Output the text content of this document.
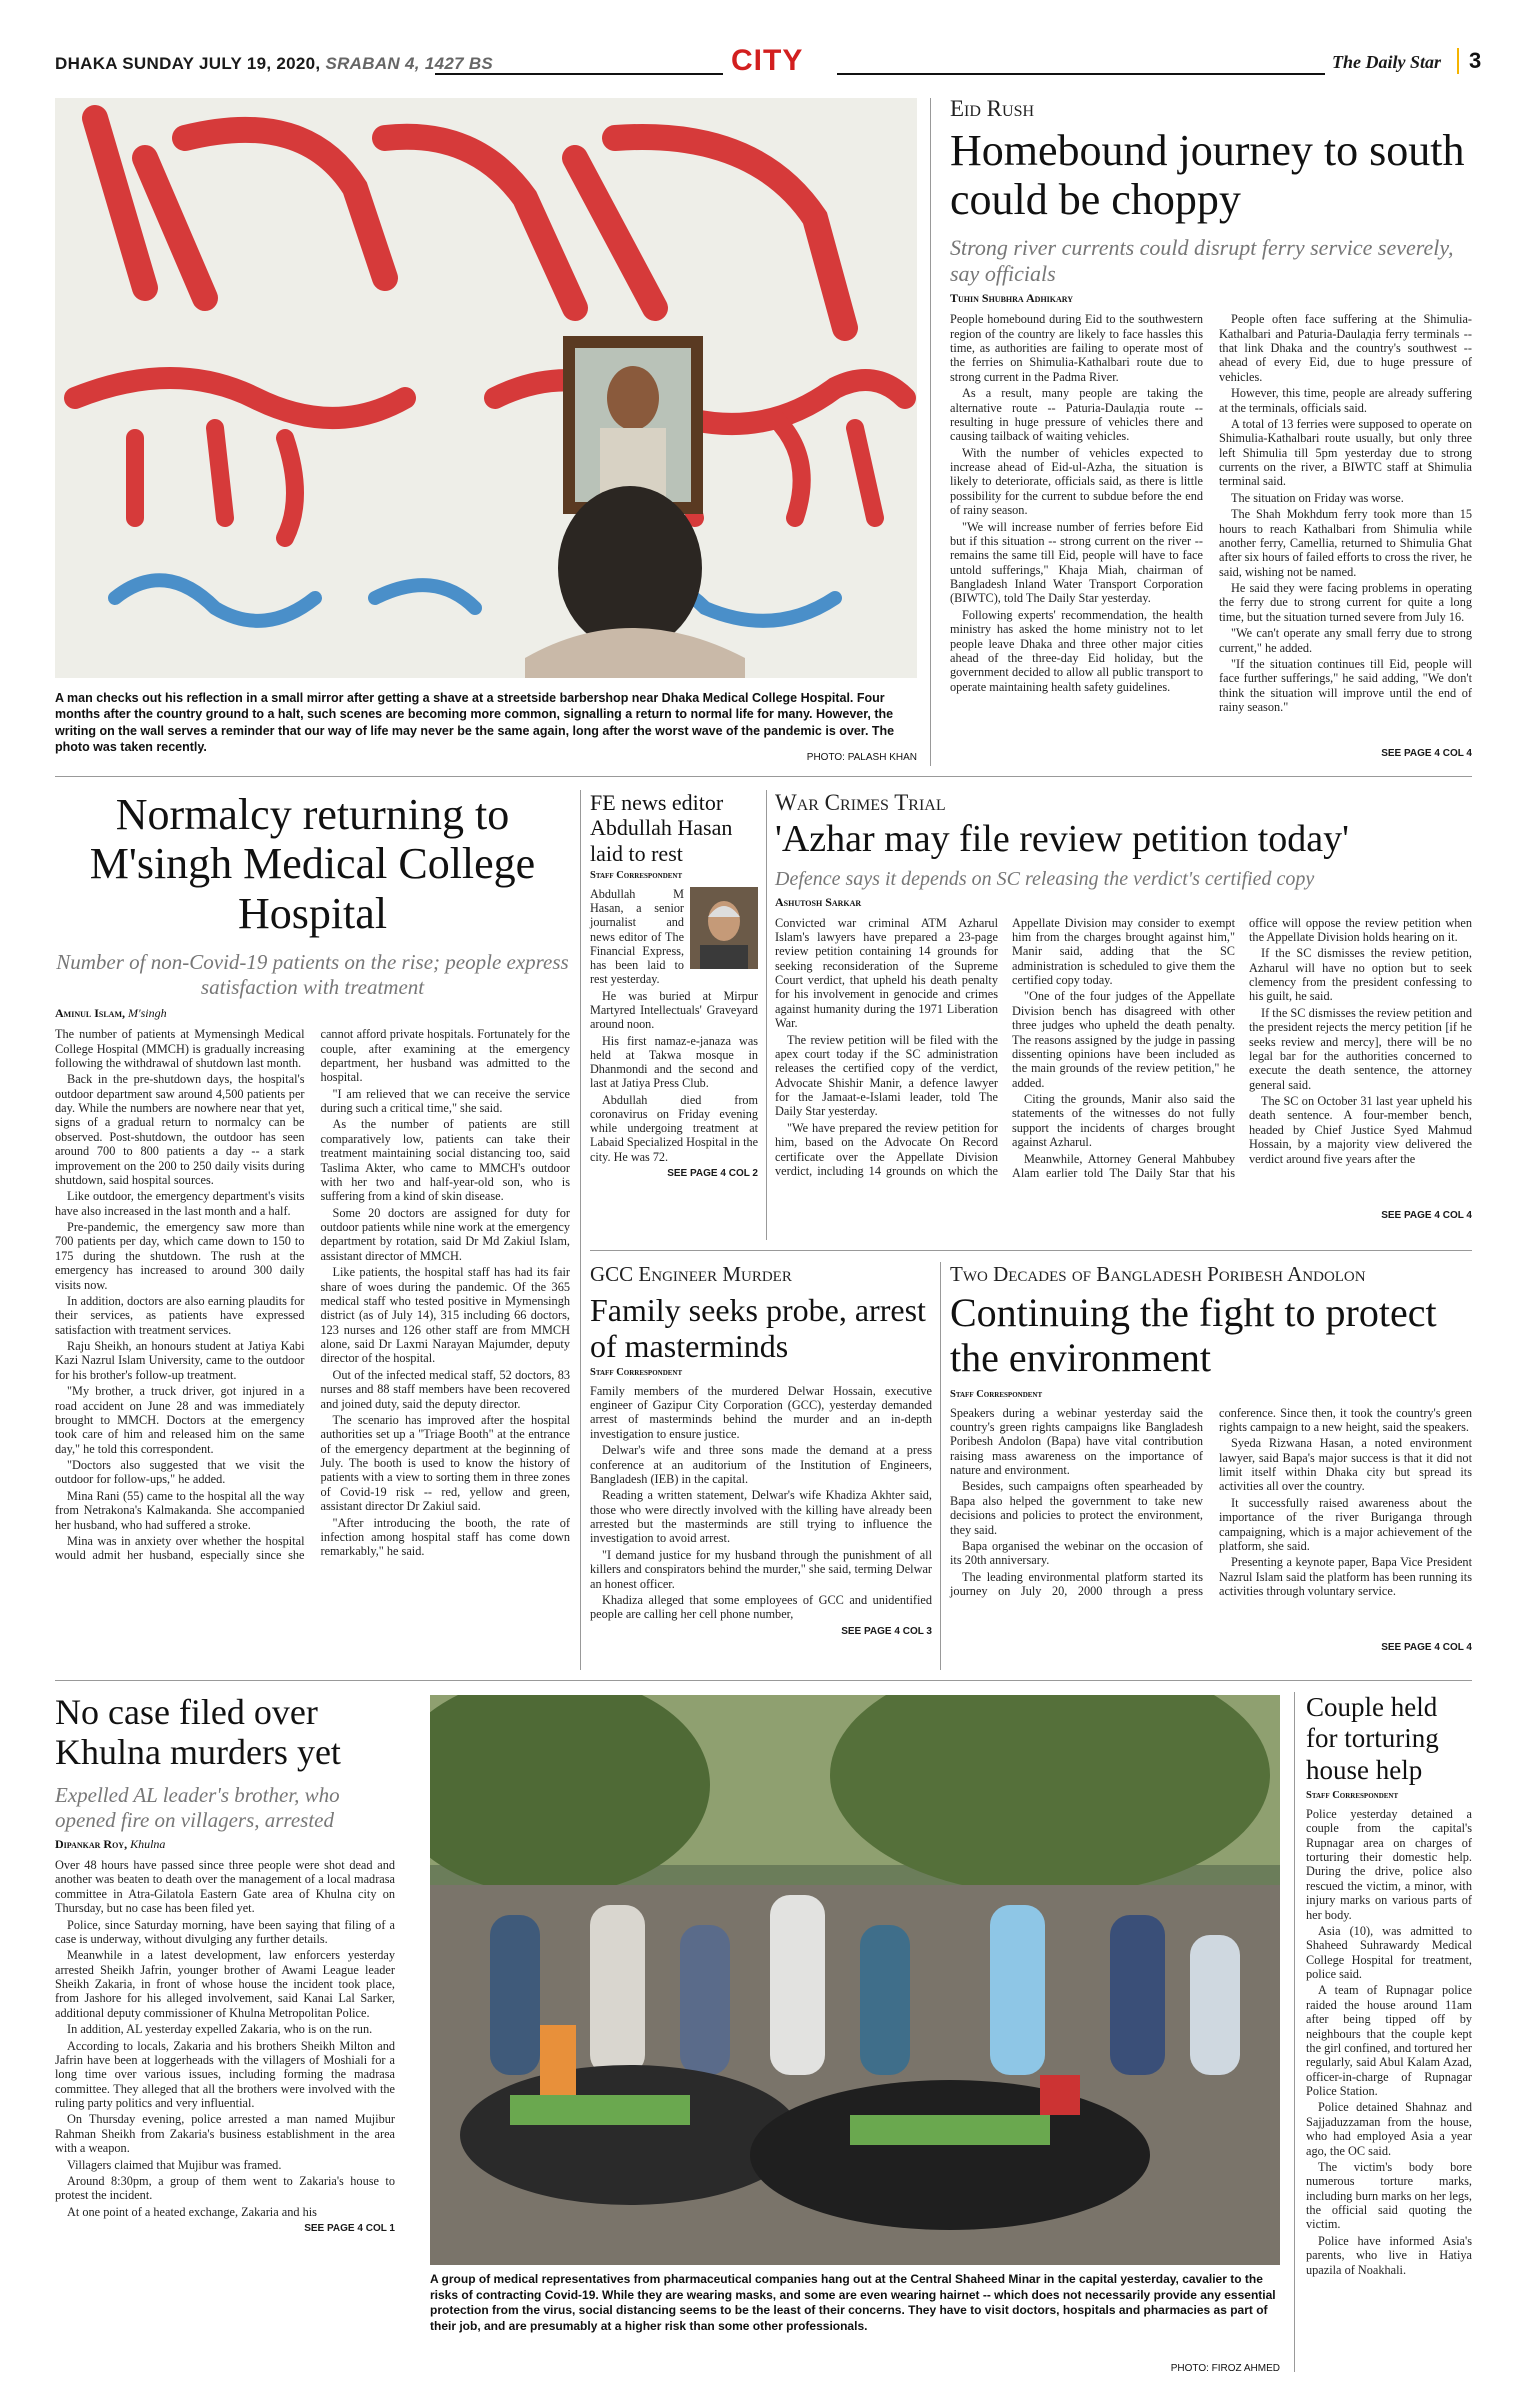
DHAKA SUNDAY JULY 19, 2020, SRABAN 4, 1427 BS	CITY	The Daily Star	3
A man checks out his reflection in a small mirror after getting a shave at a streetside barbershop near Dhaka Medical College Hospital. Four months after the country ground to a halt, such scenes are becoming more common, signalling a return to normal life for many. However, the writing on the wall serves a reminder that our way of life may never be the same again, long after the worst wave of the pandemic is over. The photo was taken recently.
PHOTO: PALASH KHAN
Eid Rush
Homebound journey to south could be choppy
Strong river currents could disrupt ferry service severely, say officials
Tuhin Shubhra Adhikary

People homebound during Eid to the southwestern region of the country are likely to face hassles this time, as authorities are failing to operate most of the ferries on Shimulia-Kathalbari route due to strong current in the Padma River.

As a result, many people are taking the alternative route -- Paturia-Daulадia route --resulting in huge pressure of vehicles there and causing tailback of waiting vehicles.

With the number of vehicles expected to increase ahead of Eid-ul-Azha, the situation is likely to deteriorate, officials said, as there is little possibility for the current to subdue before the end of rainy season.

"We will increase number of ferries before Eid but if this situation -- strong current on the river -- remains the same till Eid, people will have to face untold sufferings," Khaja Miah, chairman of Bangladesh Inland Water Transport Corporation (BIWTC), told The Daily Star yesterday.

Following experts' recommendation, the health ministry has asked the home ministry not to let people leave Dhaka and three other major cities ahead of the three-day Eid holiday, but the government decided to allow all public transport to operate maintaining health safety guidelines.

People often face suffering at the Shimulia-Kathalbari and Paturia-Daulадia ferry terminals -- that link Dhaka and the country's southwest -- ahead of every Eid, due to huge pressure of vehicles.

However, this time, people are already suffering at the terminals, officials said.

A total of 13 ferries were supposed to operate on Shimulia-Kathalbari route usually, but only three left Shimulia till 5pm yesterday due to strong currents on the river, a BIWTC staff at Shimulia terminal said.

The situation on Friday was worse.

The Shah Mokhdum ferry took more than 15 hours to reach Kathalbari from Shimulia while another ferry, Camellia, returned to Shimulia Ghat after six hours of failed efforts to cross the river, he said, wishing not be named.

He said they were facing problems in operating the ferry due to strong current for quite a long time, but the situation turned severe from July 16.

"We can't operate any small ferry due to strong current," he added.

"If the situation continues till Eid, people will face further sufferings," he said adding, "We don't think the situation will improve until the end of rainy season."

SEE PAGE 4 COL 4
Normalcy returning to M'singh Medical College Hospital
Number of non-Covid-19 patients on the rise; people express satisfaction with treatment
Aminul Islam, M'singh

The number of patients at Mymensingh Medical College Hospital (MMCH) is gradually increasing following the withdrawal of shutdown last month.

Back in the pre-shutdown days, the hospital's outdoor department saw around 4,500 patients per day. While the numbers are nowhere near that yet, signs of a gradual return to normalcy can be observed. Post-shutdown, the outdoor has seen around 700 to 800 patients a day -- a stark improvement on the 200 to 250 daily visits during shutdown, said hospital sources.

Like outdoor, the emergency department's visits have also increased in the last month and a half.

Pre-pandemic, the emergency saw more than 700 patients per day, which came down to 150 to 175 during the shutdown. The rush at the emergency has increased to around 300 daily visits now.

In addition, doctors are also earning plaudits for their services, as patients have expressed satisfaction with treatment services.

Raju Sheikh, an honours student at Jatiya Kabi Kazi Nazrul Islam University, came to the outdoor for his brother's follow-up treatment.

"My brother, a truck driver, got injured in a road accident on June 28 and was immediately brought to MMCH. Doctors at the emergency took care of him and released him on the same day," he told this correspondent.

"Doctors also suggested that we visit the outdoor for follow-ups," he added.

Mina Rani (55) came to the hospital all the way from Netrakona's Kalmakanda. She accompanied her husband, who had suffered a stroke.

Mina was in anxiety over whether the hospital would admit her husband, especially since she cannot afford private hospitals. Fortunately for the couple, after examining at the emergency department, her husband was admitted to the hospital.

"I am relieved that we can receive the service during such a critical time," she said.

As the number of patients are still comparatively low, patients can take their treatment maintaining social distancing too, said Taslima Akter, who came to MMCH's outdoor with her two and half-year-old son, who is suffering from a kind of skin disease.

Some 20 doctors are assigned for duty for outdoor patients while nine work at the emergency department by rotation, said Dr Md Zakiul Islam, assistant director of MMCH.

Like patients, the hospital staff has had its fair share of woes during the pandemic. Of the 365 medical staff who tested positive in Mymensingh district (as of July 14), 315 including 66 doctors, 123 nurses and 126 other staff are from MMCH alone, said Dr Laxmi Narayan Majumder, deputy director of the hospital.

Out of the infected medical staff, 52 doctors, 83 nurses and 88 staff members have been recovered and joined duty, said the deputy director.

The scenario has improved after the hospital authorities set up a "Triage Booth" at the entrance of the emergency department at the beginning of July. The booth is used to know the history of patients with a view to sorting them in three zones of Covid-19 risk -- red, yellow and green, assistant director Dr Zakiul said.

"After introducing the booth, the rate of infection among hospital staff has come down remarkably," he said.

FE news editor Abdullah Hasan laid to rest
Staff Correspondent

Abdullah M Hasan, a senior journalist and news editor of The Financial Express, has been laid to rest yesterday.

He was buried at Mirpur Martyred Intellectuals' Graveyard around noon.

His first namaz-e-janaza was held at Takwa mosque in Dhanmondi and the second and last at Jatiya Press Club.

Abdullah died from coronavirus on Friday evening while undergoing treatment at Labaid Specialized Hospital in the city. He was 72.

SEE PAGE 4 COL 2
War Crimes Trial
'Azhar may file review petition today'
Defence says it depends on SC releasing the verdict's certified copy
Ashutosh Sarkar

Convicted war criminal ATM Azharul Islam's lawyers have prepared a 23-page review petition containing 14 grounds for seeking reconsideration of the Supreme Court verdict, that upheld his death penalty for his involvement in genocide and crimes against humanity during the 1971 Liberation War.

The review petition will be filed with the apex court today if the SC administration releases the certified copy of the verdict, Advocate Shishir Manir, a defence lawyer for the Jamaat-e-Islami leader, told The Daily Star yesterday.

"We have prepared the review petition for him, based on the Advocate On Record certificate over the Appellate Division verdict, including 14 grounds on which the Appellate Division may consider to exempt him from the charges brought against him," Manir said, adding that the SC administration is scheduled to give them the certified copy today.

"One of the four judges of the Appellate Division bench has disagreed with other three judges who upheld the death penalty. The reasons assigned by the judge in passing dissenting opinions have been included as the main grounds of the review petition," he added.

Citing the grounds, Manir also said the statements of the witnesses do not fully support the incidents of charges brought against Azharul.

Meanwhile, Attorney General Mahbubey Alam earlier told The Daily Star that his office will oppose the review petition when the Appellate Division holds hearing on it.

If the SC dismisses the review petition, Azharul will have no option but to seek clemency from the president confessing to his guilt, he said.

If the SC dismisses the review petition and the president rejects the mercy petition [if he seeks review and mercy], there will be no legal bar for the authorities concerned to execute the death sentence, the attorney general said.

The SC on October 31 last year upheld his death sentence. A four-member bench, headed by Chief Justice Syed Mahmud Hossain, by a majority view delivered the verdict around five years after the

SEE PAGE 4 COL 4
GCC Engineer Murder
Family seeks probe, arrest of masterminds
Staff Correspondent

Family members of the murdered Delwar Hossain, executive engineer of Gazipur City Corporation (GCC), yesterday demanded arrest of masterminds behind the murder and an in-depth investigation to ensure justice.

Delwar's wife and three sons made the demand at a press conference at an auditorium of the Institution of Engineers, Bangladesh (IEB) in the capital.

Reading a written statement, Delwar's wife Khadiza Akhter said, those who were directly involved with the killing have already been arrested but the masterminds are still trying to influence the investigation to avoid arrest.

"I demand justice for my husband through the punishment of all killers and conspirators behind the murder," she said, terming Delwar an honest officer.

Khadiza alleged that some employees of GCC and unidentified people are calling her cell phone number,

SEE PAGE 4 COL 3
Two Decades of Bangladesh Poribesh Andolon
Continuing the fight to protect the environment
Staff Correspondent

Speakers during a webinar yesterday said the country's green rights campaigns like Bangladesh Poribesh Andolon (Bapa) have vital contribution raising mass awareness on the importance of nature and environment.

Besides, such campaigns often spearheaded by Bapa also helped the government to take new decisions and policies to protect the environment, they said.

Bapa organised the webinar on the occasion of its 20th anniversary.

The leading environmental platform started its journey on July 20, 2000 through a press conference. Since then, it took the country's green rights campaign to a new height, said the speakers.

Syeda Rizwana Hasan, a noted environment lawyer, said Bapa's major success is that it did not limit itself within Dhaka city but spread its activities all over the country.

It successfully raised awareness about the importance of the river Buriganga through campaigning, which is a major achievement of the platform, she said.

Presenting a keynote paper, Bapa Vice President Nazrul Islam said the platform has been running its activities through voluntary service.

SEE PAGE 4 COL 4
No case filed over Khulna murders yet
Expelled AL leader's brother, who opened fire on villagers, arrested
Dipankar Roy, Khulna

Over 48 hours have passed since three people were shot dead and another was beaten to death over the management of a local madrasa committee in Atra-Gilatola Eastern Gate area of Khulna city on Thursday, but no case has been filed yet.

Police, since Saturday morning, have been saying that filing of a case is underway, without divulging any further details.

Meanwhile in a latest development, law enforcers yesterday arrested Sheikh Jafrin, younger brother of Awami League leader Sheikh Zakaria, in front of whose house the incident took place, from Jashore for his alleged involvement, said Kanai Lal Sarker, additional deputy commissioner of Khulna Metropolitan Police.

In addition, AL yesterday expelled Zakaria, who is on the run.

According to locals, Zakaria and his brothers Sheikh Milton and Jafrin have been at loggerheads with the villagers of Moshiali for a long time over various issues, including forming the madrasa committee. They alleged that all the brothers were involved with the ruling party politics and very influential.

On Thursday evening, police arrested a man named Mujibur Rahman Sheikh from Zakaria's business establishment in the area with a weapon.

Villagers claimed that Mujibur was framed.

Around 8:30pm, a group of them went to Zakaria's house to protest the incident.

At one point of a heated exchange, Zakaria and his

SEE PAGE 4 COL 1
A group of medical representatives from pharmaceutical companies hang out at the Central Shaheed Minar in the capital yesterday, cavalier to the risks of contracting Covid-19. While they are wearing masks, and some are even wearing hairnet -- which does not necessarily provide any essential protection from the virus, social distancing seems to be the least of their concerns. They have to visit doctors, hospitals and pharmacies as part of their job, and are presumably at a higher risk than some other professionals.
PHOTO: FIROZ AHMED
Couple held for torturing house help
Staff Correspondent

Police yesterday detained a couple from the capital's Rupnagar area on charges of torturing their domestic help. During the drive, police also rescued the victim, a minor, with injury marks on various parts of her body.

Asia (10), was admitted to Shaheed Suhrawardy Medical College Hospital for treatment, police said.

A team of Rupnagar police raided the house around 11am after being tipped off by neighbours that the couple kept the girl confined, and tortured her regularly, said Abul Kalam Azad, officer-in-charge of Rupnagar Police Station.

Police detained Shahnaz and Sajjaduzzaman from the house, who had employed Asia a year ago, the OC said.

The victim's body bore numerous torture marks, including burn marks on her legs, the official said quoting the victim.

Police have informed Asia's parents, who live in Hatiya upazila of Noakhali.
